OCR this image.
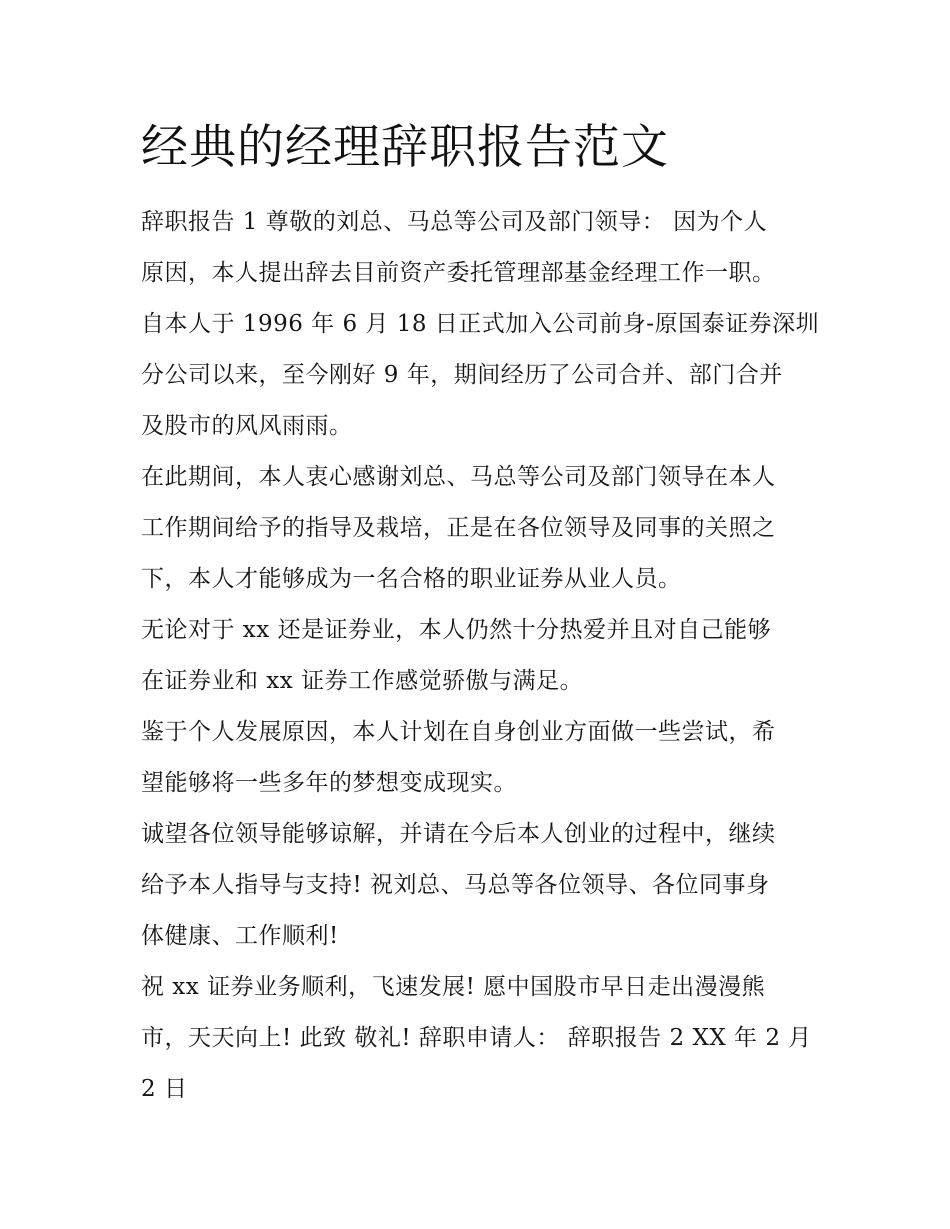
经典的经理辞职报告范文
辞职报告 1 尊敬的刘总、马总等公司及部门领导： 因为个人
原因，本人提出辞去目前资产委托管理部基金经理工作一职。
自本人于 1996 年 6 月 18 日正式加入公司前身-原国泰证券深圳
分公司以来，至今刚好 9 年，期间经历了公司合并、部门合并
及股市的风风雨雨。
在此期间，本人衷心感谢刘总、马总等公司及部门领导在本人
工作期间给予的指导及栽培，正是在各位领导及同事的关照之
下，本人才能够成为一名合格的职业证券从业人员。
无论对于 xx 还是证券业，本人仍然十分热爱并且对自己能够
在证券业和 xx 证券工作感觉骄傲与满足。
鉴于个人发展原因，本人计划在自身创业方面做一些尝试，希
望能够将一些多年的梦想变成现实。
诚望各位领导能够谅解，并请在今后本人创业的过程中，继续
给予本人指导与支持! 祝刘总、马总等各位领导、各位同事身
体健康、工作顺利!
祝 xx 证券业务顺利，飞速发展! 愿中国股市早日走出漫漫熊
市，天天向上! 此致 敬礼! 辞职申请人： 辞职报告 2 XX 年 2 月
2 日
